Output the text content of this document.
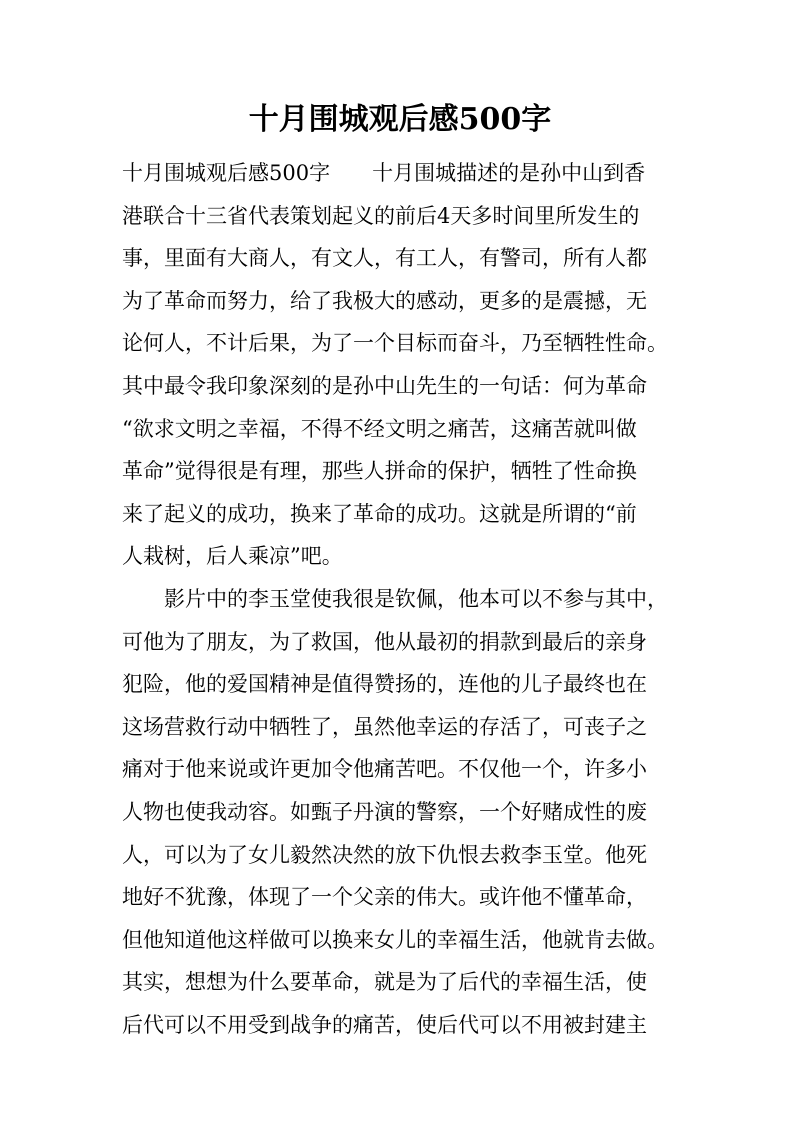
十月围城观后感500字
十月围城观后感500字　　十月围城描述的是孙中山到香
港联合十三省代表策划起义的前后4天多时间里所发生的
事，里面有大商人，有文人，有工人，有警司，所有人都
为了革命而努力，给了我极大的感动，更多的是震撼，无
论何人，不计后果，为了一个目标而奋斗，乃至牺牲性命。
其中最令我印象深刻的是孙中山先生的一句话：何为革命
“欲求文明之幸福，不得不经文明之痛苦，这痛苦就叫做
革命”觉得很是有理，那些人拼命的保护，牺牲了性命换
来了起义的成功，换来了革命的成功。这就是所谓的“前
人栽树，后人乘凉”吧。
　　影片中的李玉堂使我很是钦佩，他本可以不参与其中，
可他为了朋友，为了救国，他从最初的捐款到最后的亲身
犯险，他的爱国精神是值得赞扬的，连他的儿子最终也在
这场营救行动中牺牲了，虽然他幸运的存活了，可丧子之
痛对于他来说或许更加令他痛苦吧。不仅他一个，许多小
人物也使我动容。如甄子丹演的警察，一个好赌成性的废
人，可以为了女儿毅然决然的放下仇恨去救李玉堂。他死
地好不犹豫，体现了一个父亲的伟大。或许他不懂革命，
但他知道他这样做可以换来女儿的幸福生活，他就肯去做。
其实，想想为什么要革命，就是为了后代的幸福生活，使
后代可以不用受到战争的痛苦，使后代可以不用被封建主
